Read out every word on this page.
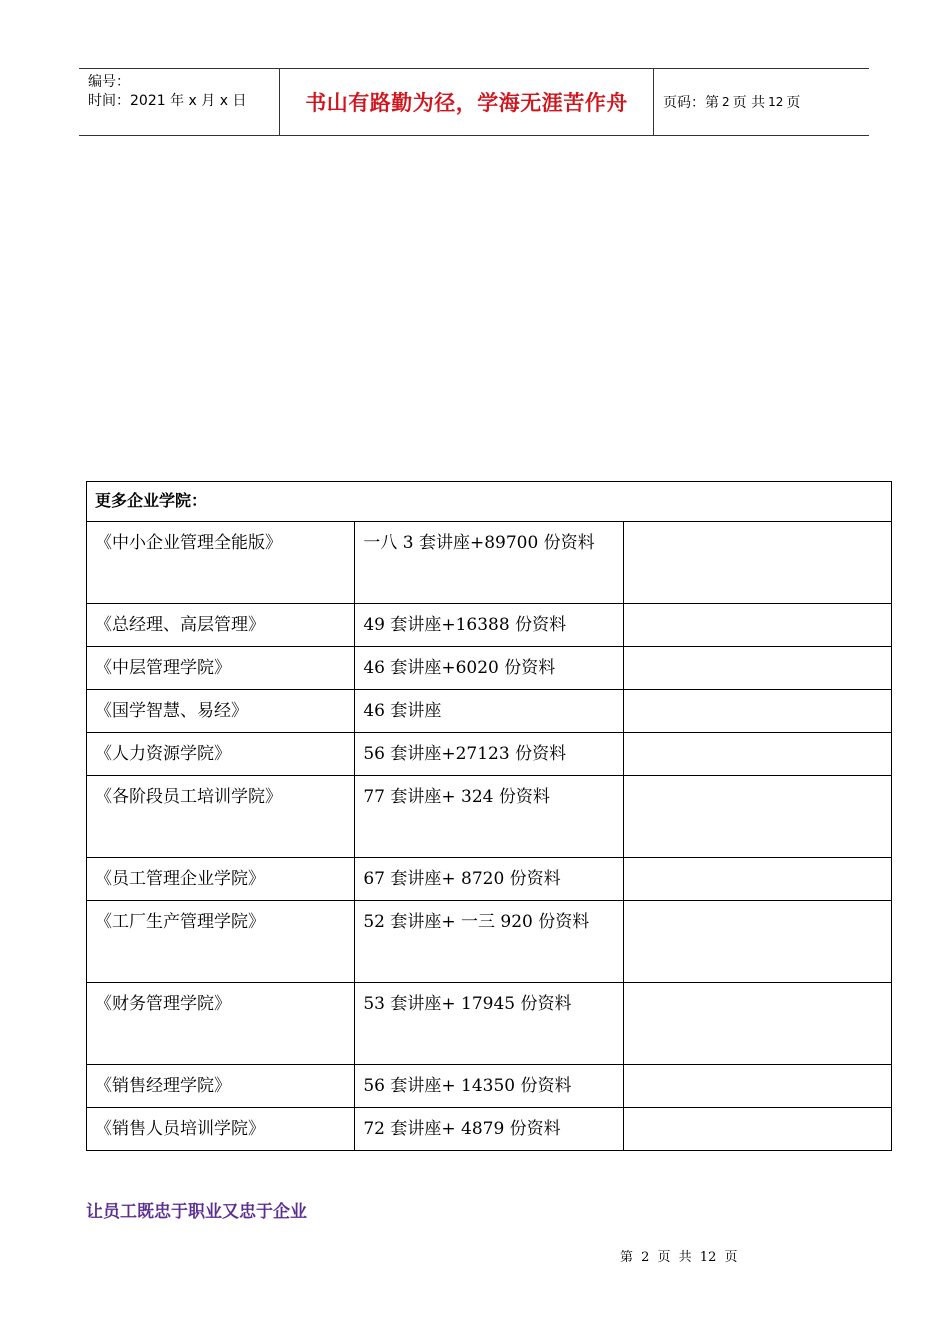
编号：
时间：2021 年 x 月 x 日	书山有路勤为径，学海无涯苦作舟	页码：第 2 页 共 12 页
更多企业学院：		
《中小企业管理全能版》	一八 3 套讲座+89700 份资料	
《总经理、高层管理》	49 套讲座+16388 份资料	
《中层管理学院》	46 套讲座+6020 份资料	
《国学智慧、易经》	46 套讲座	
《人力资源学院》	56 套讲座+27123 份资料	
《各阶段员工培训学院》	77 套讲座+ 324 份资料	
《员工管理企业学院》	67 套讲座+ 8720 份资料	
《工厂生产管理学院》	52 套讲座+ 一三 920 份资料	
《财务管理学院》	53 套讲座+ 17945 份资料	
《销售经理学院》	56 套讲座+ 14350 份资料	
《销售人员培训学院》	72 套讲座+ 4879 份资料	
让员工既忠于职业又忠于企业
第 2 页 共 12 页
